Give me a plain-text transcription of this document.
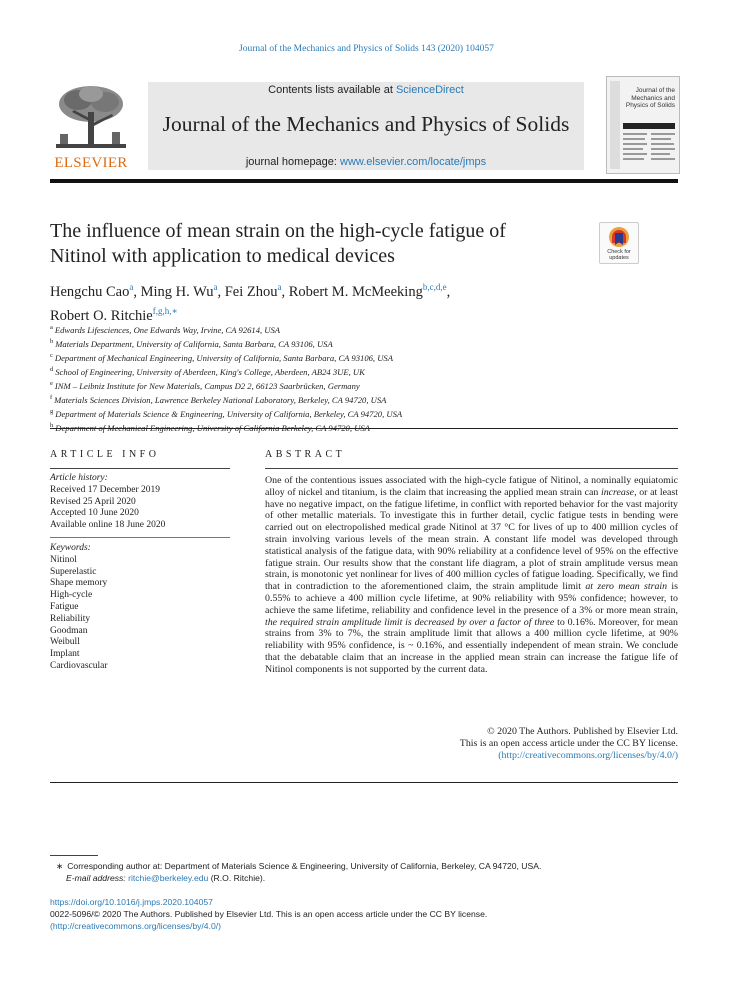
Journal of the Mechanics and Physics of Solids 143 (2020) 104057
ELSEVIER
Contents lists available at ScienceDirect
Journal of the Mechanics and Physics of Solids
journal homepage: www.elsevier.com/locate/jmps
Journal of the Mechanics and Physics of Solids
The influence of mean strain on the high-cycle fatigue of
Nitinol with application to medical devices	Check for updates
Hengchu Cao$^a$, Ming H. Wu$^a$, Fei Zhou$^a$, Robert M. McMeeking$^{b,c,d,e}$,
Robert O. Ritchie$^{f,g,h,∗}$
$^a$ Edwards Lifesciences, One Edwards Way, Irvine, CA 92614, USA
$^b$ Materials Department, University of California, Santa Barbara, CA 93106, USA
$^c$ Department of Mechanical Engineering, University of California, Santa Barbara, CA 93106, USA
$^d$ School of Engineering, University of Aberdeen, King's College, Aberdeen, AB24 3UE, UK
$^e$ INM – Leibniz Institute for New Materials, Campus D2 2, 66123 Saarbrücken, Germany
$^f$ Materials Sciences Division, Lawrence Berkeley National Laboratory, Berkeley, CA 94720, USA
$^g$ Department of Materials Science & Engineering, University of California, Berkeley, CA 94720, USA
$^h$ Department of Mechanical Engineering, University of California Berkeley, CA 94720, USA
ARTICLE INFO
Article history:
Received 17 December 2019
Revised 25 April 2020
Accepted 10 June 2020
Available online 18 June 2020
Keywords:
Nitinol
Superelastic
Shape memory
High-cycle
Fatigue
Reliability
Goodman
Weibull
Implant
Cardiovascular
ABSTRACT
One of the contentious issues associated with the high-cycle fatigue of Nitinol, a nominally equiatomic alloy of nickel and titanium, is the claim that increasing the applied mean strain can increase, or at least have no negative impact, on the fatigue lifetime, in conflict with reported behavior for the vast majority of other metallic materials. To investigate this in further detail, cyclic fatigue tests in bending were carried out on electropolished medical grade Nitinol at 37 °C for lives of up to 400 million cycles of strain involving various levels of the mean strain. A constant life model was developed through statistical analysis of the fatigue data, with 90% reliability at a confidence level of 95% on the effective fatigue strain. Our results show that the constant life diagram, a plot of strain amplitude versus mean strain, is monotonic yet nonlinear for lives of 400 million cycles of fatigue loading. Specifically, we find that in contradiction to the aforementioned claim, the strain amplitude limit at zero mean strain is 0.55% to achieve a 400 million cycle lifetime, at 90% reliability with 95% confidence; however, to achieve the same lifetime, reliability and confidence level in the presence of a 3% or more mean strain, the required strain amplitude limit is decreased by over a factor of three to 0.16%. Moreover, for mean strains from 3% to 7%, the strain amplitude limit that allows a 400 million cycle lifetime, at 90% reliability with 95% confidence, is ~ 0.16%, and essentially independent of mean strain. We conclude that the debatable claim that an increase in the applied mean strain can increase the fatigue life of Nitinol components is not supported by the current data.
© 2020 The Authors. Published by Elsevier Ltd.
This is an open access article under the CC BY license.
(http://creativecommons.org/licenses/by/4.0/)
∗ Corresponding author at: Department of Materials Science & Engineering, University of California, Berkeley, CA 94720, USA.
E-mail address: ritchie@berkeley.edu (R.O. Ritchie).
https://doi.org/10.1016/j.jmps.2020.104057
0022-5096/© 2020 The Authors. Published by Elsevier Ltd. This is an open access article under the CC BY license.
(http://creativecommons.org/licenses/by/4.0/)
